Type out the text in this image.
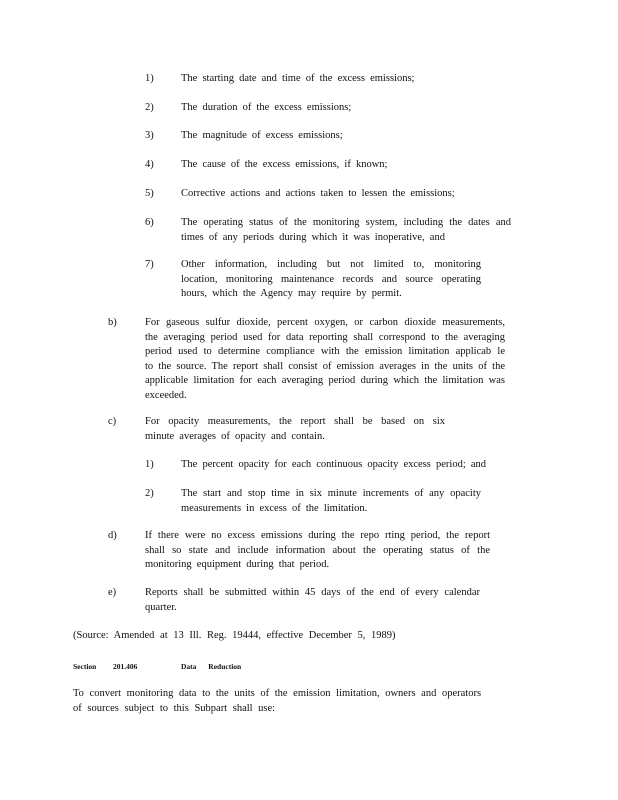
1)	The starting date and time of the excess emissions;
2)	The duration of the excess emissions;
3)	The magnitude of excess emissions;
4)	The cause of the excess emissions, if known;
5)	Corrective actions and actions taken to lessen the emissions;
6)	The operating status of the monitoring system, including the dates and times of any periods during which it was inoperative, and
7)	Other information, including but not limited to, monitoring location, monitoring maintenance records and source operating hours, which the Agency may require by permit.
b)	For gaseous sulfur dioxide, percent oxygen, or carbon dioxide measurements, the averaging period used for data reporting shall correspond to the averaging period used to determine compliance with the emission limitation applicab le to the source. The report shall consist of emission averages in the units of the applicable limitation for each averaging period during which the limitation was exceeded.
c)	For opacity measurements, the report shall be based on six minute averages of opacity and contain.
1)	The percent opacity for each continuous opacity excess period; and
2)	The start and stop time in six minute increments of any opacity measurements in excess of the limitation.
d)	If there were no excess emissions during the repo rting period, the report shall so state and include information about the operating status of the monitoring equipment during that period.
e)	Reports shall be submitted within 45 days of the end of every calendar quarter.
(Source: Amended at 13 Ill. Reg. 19444, effective December 5, 1989)
Section 201.406	Data Reduction
To convert monitoring data to the units of the emission limitation, owners and operators of sources subject to this Subpart shall use:
